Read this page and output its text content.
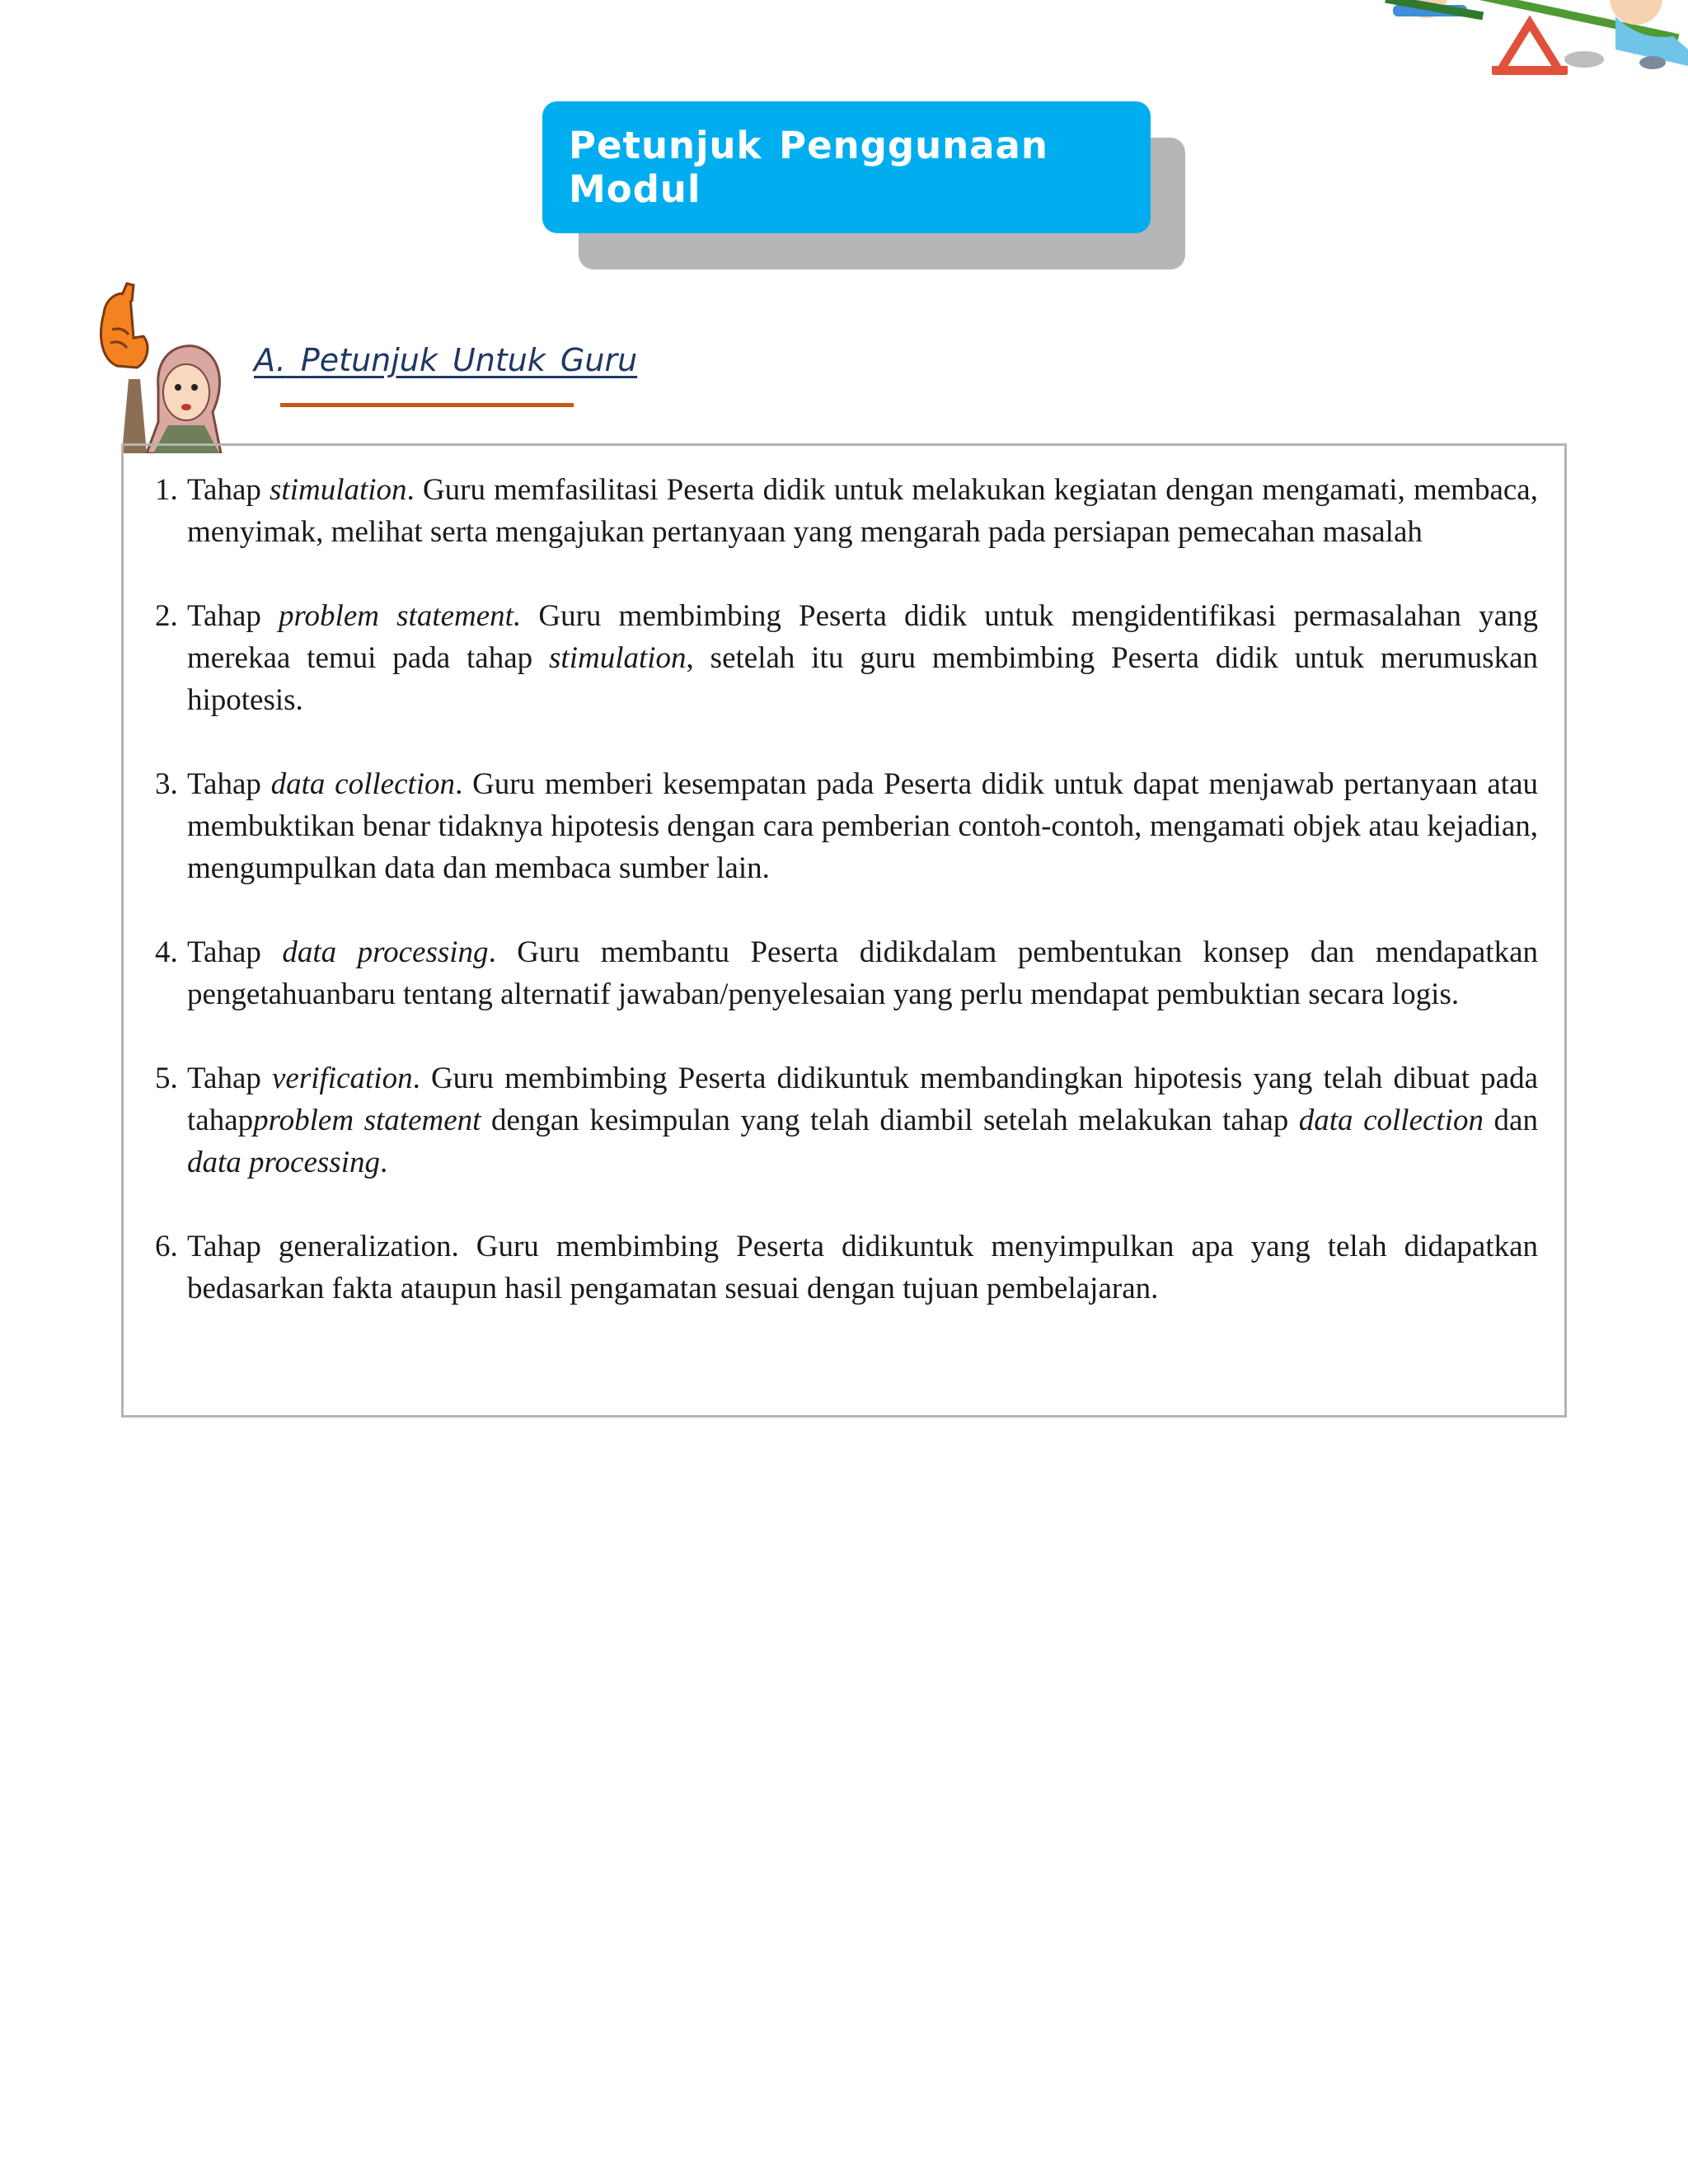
Petunjuk Penggunaan Modul
A. Petunjuk Untuk Guru
1. Tahap stimulation. Guru memfasilitasi Peserta didik untuk melakukan kegiatan dengan mengamati, membaca, menyimak, melihat serta mengajukan pertanyaan yang mengarah pada persiapan pemecahan masalah
2. Tahap problem statement. Guru membimbing Peserta didik untuk mengidentifikasi permasalahan yang merekaa temui pada tahap stimulation, setelah itu guru membimbing Peserta didik untuk merumuskan hipotesis.
3. Tahap data collection. Guru memberi kesempatan pada Peserta didik untuk dapat menjawab pertanyaan atau membuktikan benar tidaknya hipotesis dengan cara pemberian contoh-contoh, mengamati objek atau kejadian, mengumpulkan data dan membaca sumber lain.
4. Tahap data processing. Guru membantu Peserta didikdalam pembentukan konsep dan mendapatkan pengetahuanbaru tentang alternatif jawaban/penyelesaian yang perlu mendapat pembuktian secara logis.
5. Tahap verification. Guru membimbing Peserta didikuntuk membandingkan hipotesis yang telah dibuat pada tahapproblem statement dengan kesimpulan yang telah diambil setelah melakukan tahap data collection dan data processing.
6. Tahap generalization. Guru membimbing Peserta didikuntuk menyimpulkan apa yang telah didapatkan bedasarkan fakta ataupun hasil pengamatan sesuai dengan tujuan pembelajaran.
